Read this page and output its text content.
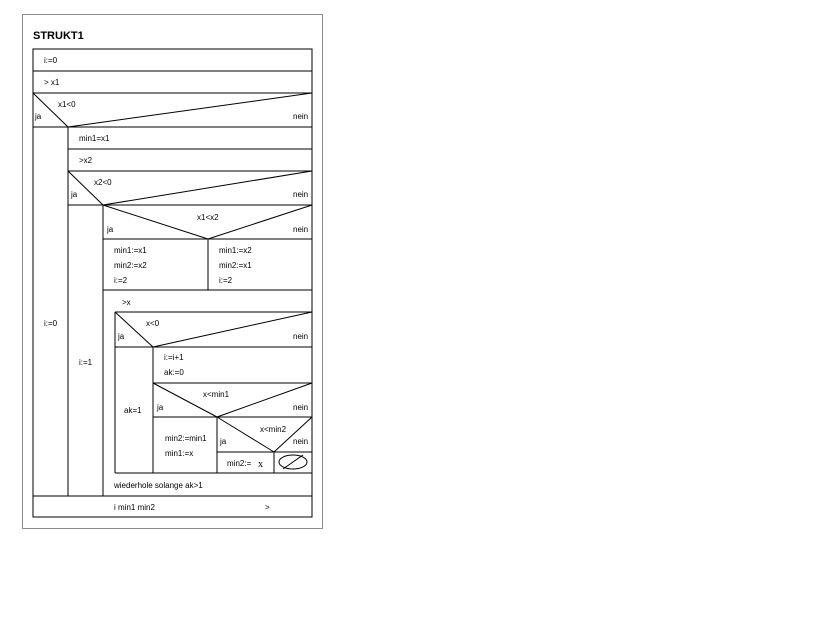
STRUKT1
i:=0
> x1
x1<0
ja	nein
i:=0
min1=x1
>x2
x2<0
ja	nein
i:=1
x1<x2
ja	nein
min1:=x1
min2:=x2
i:=2
min1:=x2
min2:=x1
i:=2
>x
x<0
ja	nein
ak=1
i:=i+1
ak:=0
x<min1
ja	nein
min2:=min1
min1:=x
x<min2
ja	nein
min2:= x
wiederhole solange ak>1
i min1 min2	>
